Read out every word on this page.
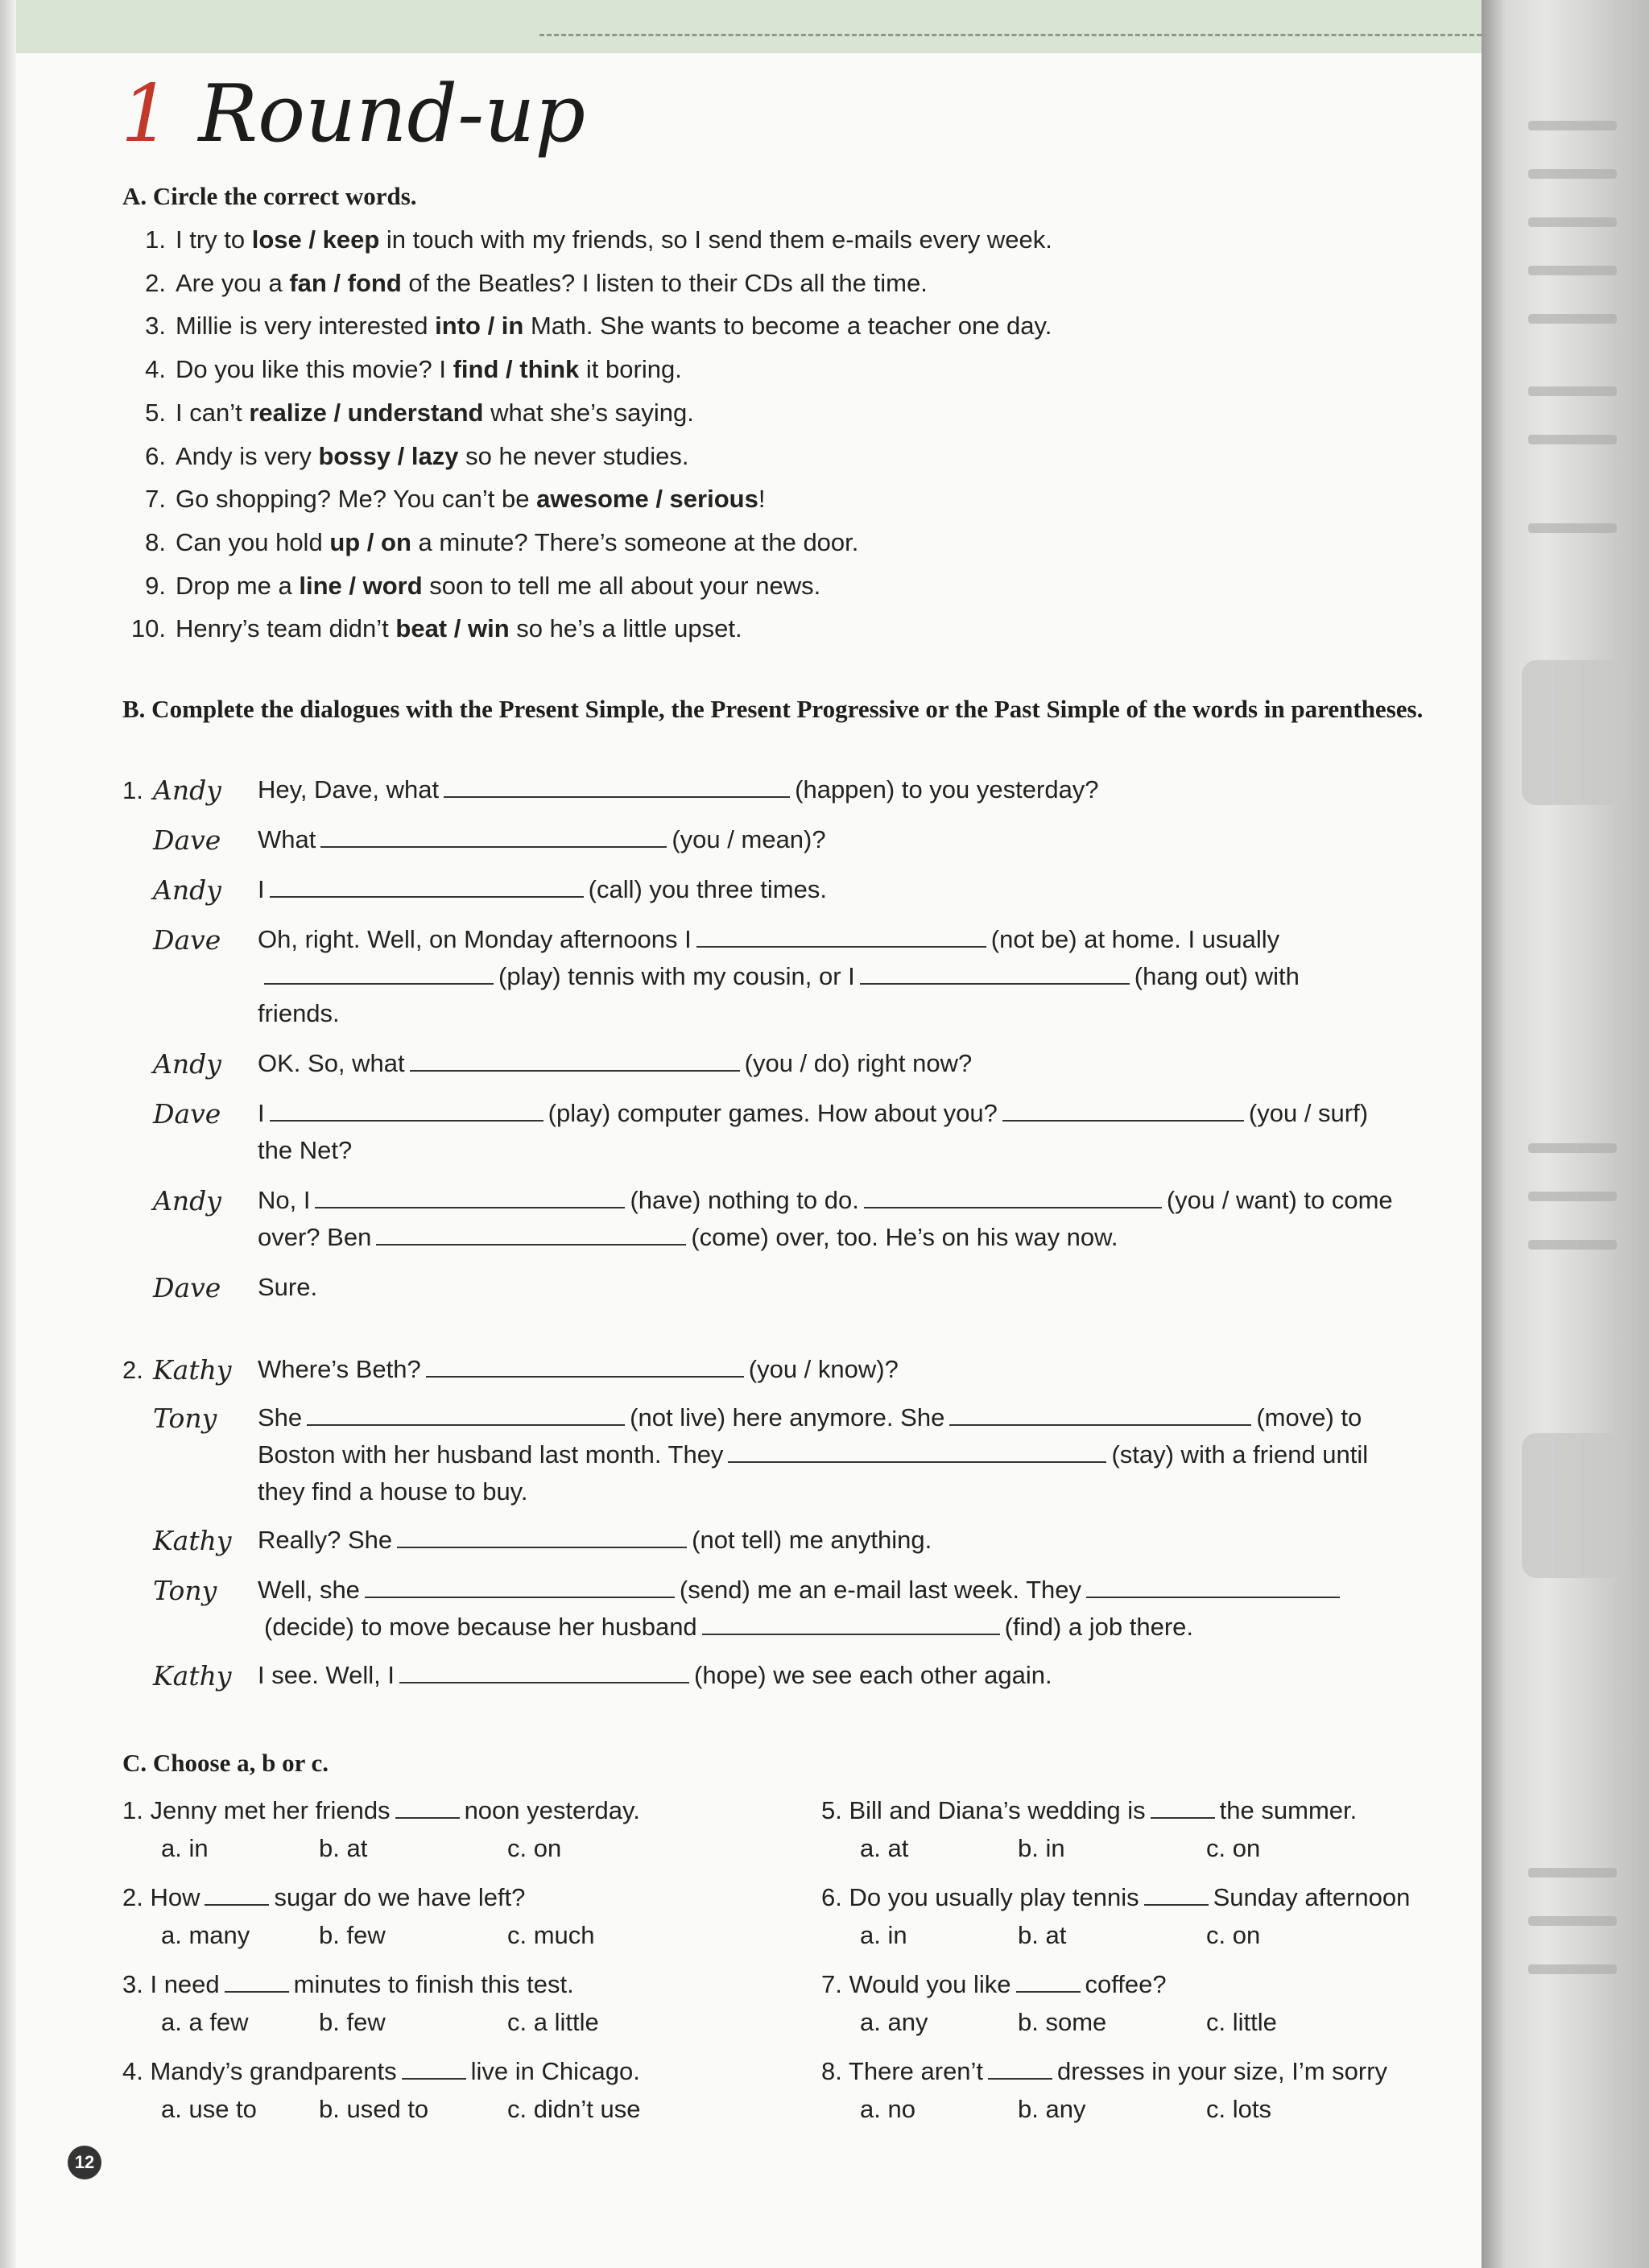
1 Round-up
A. Circle the correct words.
1. I try to lose / keep in touch with my friends, so I send them e-mails every week.
2. Are you a fan / fond of the Beatles? I listen to their CDs all the time.
3. Millie is very interested into / in Math. She wants to become a teacher one day.
4. Do you like this movie? I find / think it boring.
5. I can’t realize / understand what she’s saying.
6. Andy is very bossy / lazy so he never studies.
7. Go shopping? Me? You can’t be awesome / serious!
8. Can you hold up / on a minute? There’s someone at the door.
9. Drop me a line / word soon to tell me all about your news.
10. Henry’s team didn’t beat / win so he’s a little upset.
B. Complete the dialogues with the Present Simple, the Present Progressive or the Past Simple of the words in parentheses.
1. Andy	Hey, Dave, what	(happen) to you yesterday?
Dave	What	(you / mean)?
Andy	I	(call) you three times.
Dave	Oh, right. Well, on Monday afternoons I	(not be) at home. I usually
(play) tennis with my cousin, or I	(hang out) with
friends.
Andy	OK. So, what	(you / do) right now?
Dave	I	(play) computer games. How about you?	(you / surf)
the Net?
Andy	No, I	(have) nothing to do.	(you / want) to come
over? Ben	(come) over, too. He’s on his way now.
Dave	Sure.
2. Kathy	Where’s Beth?	(you / know)?
Tony	She	(not live) here anymore. She	(move) to
Boston with her husband last month. They	(stay) with a friend until
they find a house to buy.
Kathy	Really? She	(not tell) me anything.
Tony	Well, she	(send) me an e-mail last week. They
(decide) to move because her husband	(find) a job there.
Kathy	I see. Well, I	(hope) we see each other again.
C. Choose a, b or c.
1. Jenny met her friends	noon yesterday.
a. in	b. at	c. on
2. How	sugar do we have left?
a. many	b. few	c. much
3. I need	minutes to finish this test.
a. a few	b. few	c. a little
4. Mandy’s grandparents	live in Chicago.
a. use to b. used to	c. didn’t use
5. Bill and Diana’s wedding is	the summer.
a. at	b. in	c. on
6. Do you usually play tennis	Sunday afternoon
a. in	b. at	c. on
7. Would you like	coffee?
a. any	b. some	c. little
8. There aren’t	dresses in your size, I’m sorry
a. no	b. any	c. lots
12
